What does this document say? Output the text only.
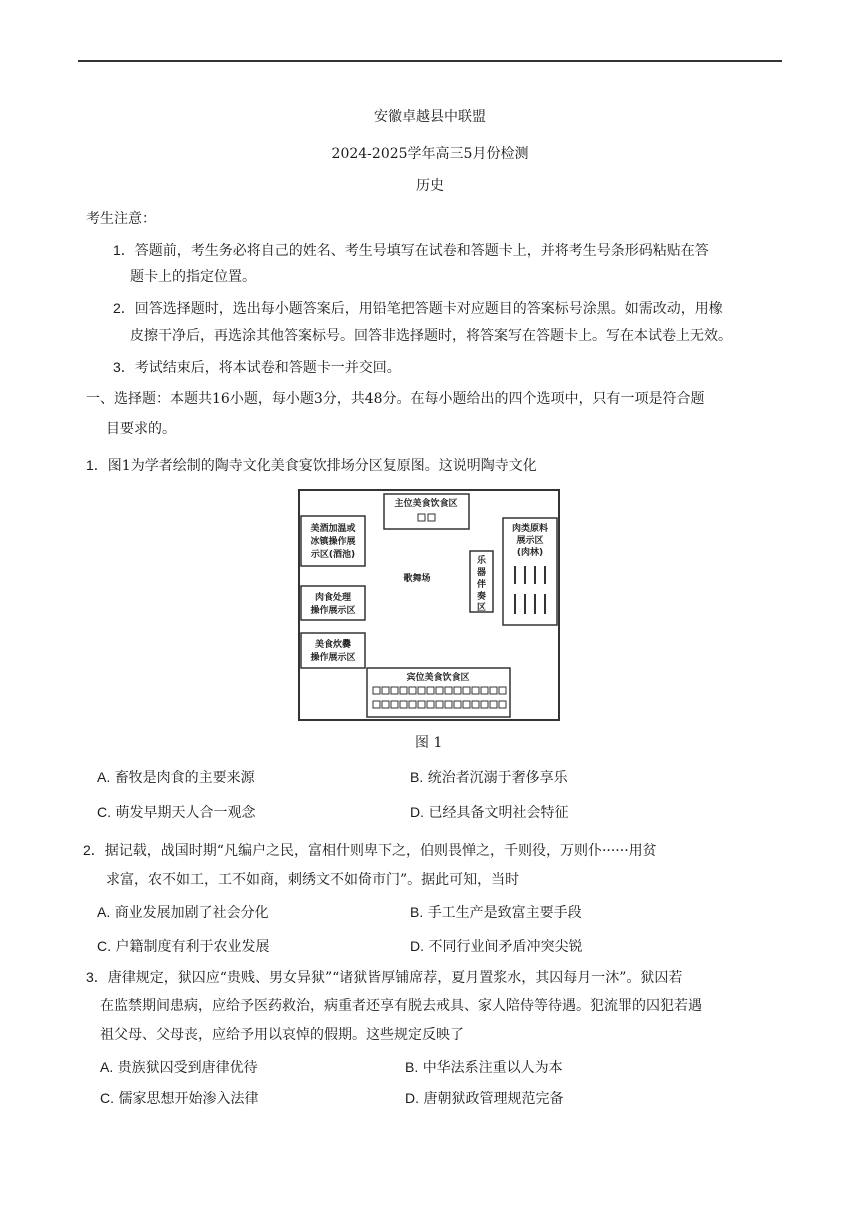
安徽卓越县中联盟
2024-2025学年高三5月份检测
历史
考生注意：
1．答题前，考生务必将自己的姓名、考生号填写在试卷和答题卡上，并将考生号条形码粘贴在答
题卡上的指定位置。
2．回答选择题时，选出每小题答案后，用铅笔把答题卡对应题目的答案标号涂黑。如需改动，用橡
皮擦干净后，再选涂其他答案标号。回答非选择题时，将答案写在答题卡上。写在本试卷上无效。
3．考试结束后，将本试卷和答题卡一并交回。
一、选择题：本题共16小题，每小题3分，共48分。在每小题给出的四个选项中，只有一项是符合题
目要求的。
1．图1为学者绘制的陶寺文化美食宴饮排场分区复原图。这说明陶寺文化
主位美食饮食区
美酒加温或
冰镇操作展
示区(酒池)
歌舞场
肉食处理
操作展示区
美食炊爨
操作展示区
乐
器
伴
奏
区
肉类原料
展示区
(肉林)
宾位美食饮食区
图 1
A. 畜牧是肉食的主要来源	B. 统治者沉溺于奢侈享乐
C. 萌发早期天人合一观念	D. 已经具备文明社会特征
2．据记载，战国时期“凡编户之民，富相什则卑下之，伯则畏惮之，千则役，万则仆······用贫
求富，农不如工，工不如商，刺绣文不如倚市门”。据此可知，当时
A. 商业发展加剧了社会分化	B. 手工生产是致富主要手段
C. 户籍制度有利于农业发展	D. 不同行业间矛盾冲突尖锐
3．唐律规定，狱囚应“贵贱、男女异狱”“诸狱皆厚铺席荐，夏月置浆水，其囚每月一沐”。狱囚若
在监禁期间患病，应给予医药救治，病重者还享有脱去戒具、家人陪侍等待遇。犯流罪的囚犯若遇
祖父母、父母丧，应给予用以哀悼的假期。这些规定反映了
A. 贵族狱囚受到唐律优待	B. 中华法系注重以人为本
C. 儒家思想开始渗入法律	D. 唐朝狱政管理规范完备
